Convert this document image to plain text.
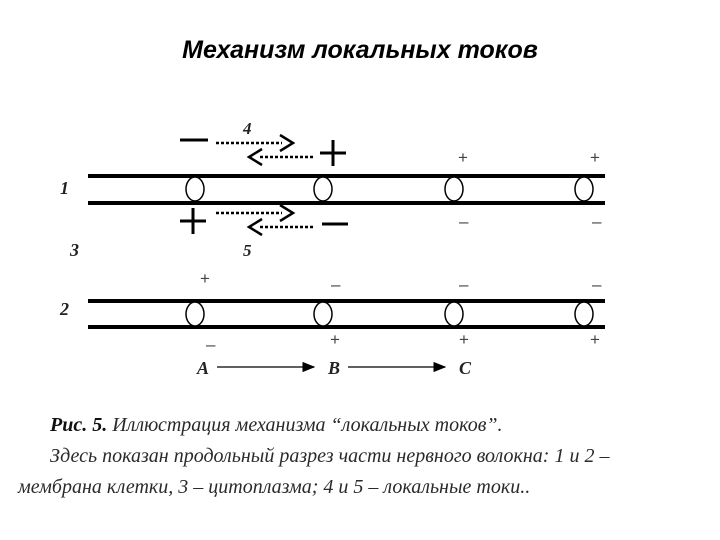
Механизм локальных токов
1
3
2
4
5
+	+
–	–
+	–	–	–
–	+	+	+
A	B	C
Рис. 5. Иллюстрация механизма “локальных токов”.
Здесь показан продольный разрез части нервного волокна: 1 и 2 –
мембрана клетки, 3 – цитоплазма; 4 и 5 – локальные токи..
